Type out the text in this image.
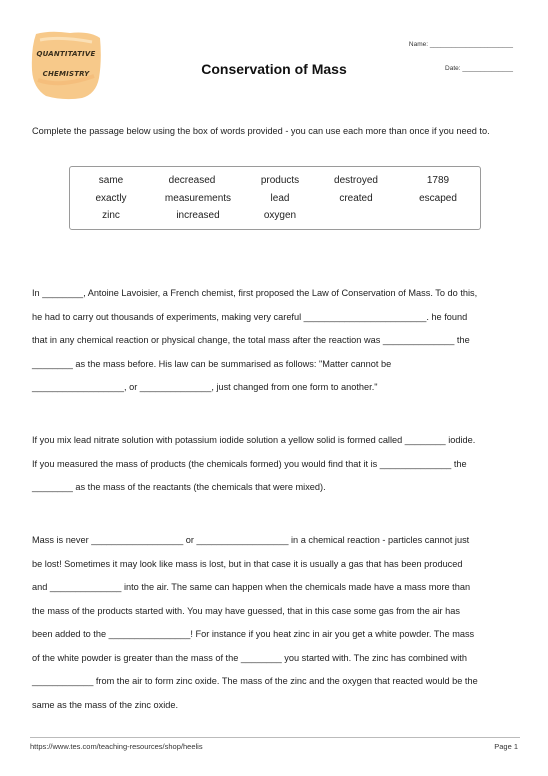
QUANTITATIVE
CHEMISTRY
Name: _______________________
Conservation of Mass	Date: ______________
Complete the passage below using the box of words provided - you can use each more than once if you need to.
same	decreased	products	destroyed	1789
exactly	measurements	lead	created	escaped
zinc	increased	oxygen

In ________, Antoine Lavoisier, a French chemist, first proposed the Law of Conservation of Mass. To do this,

he had to carry out thousands of experiments, making very careful ________________________. he found

that in any chemical reaction or physical change, the total mass after the reaction was ______________ the

________ as the mass before. His law can be summarised as follows: "Matter cannot be

__________________, or ______________, just changed from one form to another."

If you mix lead nitrate solution with potassium iodide solution a yellow solid is formed called ________ iodide.

If you measured the mass of products (the chemicals formed) you would find that it is ______________ the

________ as the mass of the reactants (the chemicals that were mixed).

Mass is never __________________ or __________________ in a chemical reaction - particles cannot just

be lost! Sometimes it may look like mass is lost, but in that case it is usually a gas that has been produced

and ______________ into the air. The same can happen when the chemicals made have a mass more than

the mass of the products started with. You may have guessed, that in this case some gas from the air has

been added to the ________________! For instance if you heat zinc in air you get a white powder. The mass

of the white powder is greater than the mass of the ________ you started with. The zinc has combined with

____________ from the air to form zinc oxide. The mass of the zinc and the oxygen that reacted would be the

same as the mass of the zinc oxide.

https://www.tes.com/teaching-resources/shop/heelis	Page 1
